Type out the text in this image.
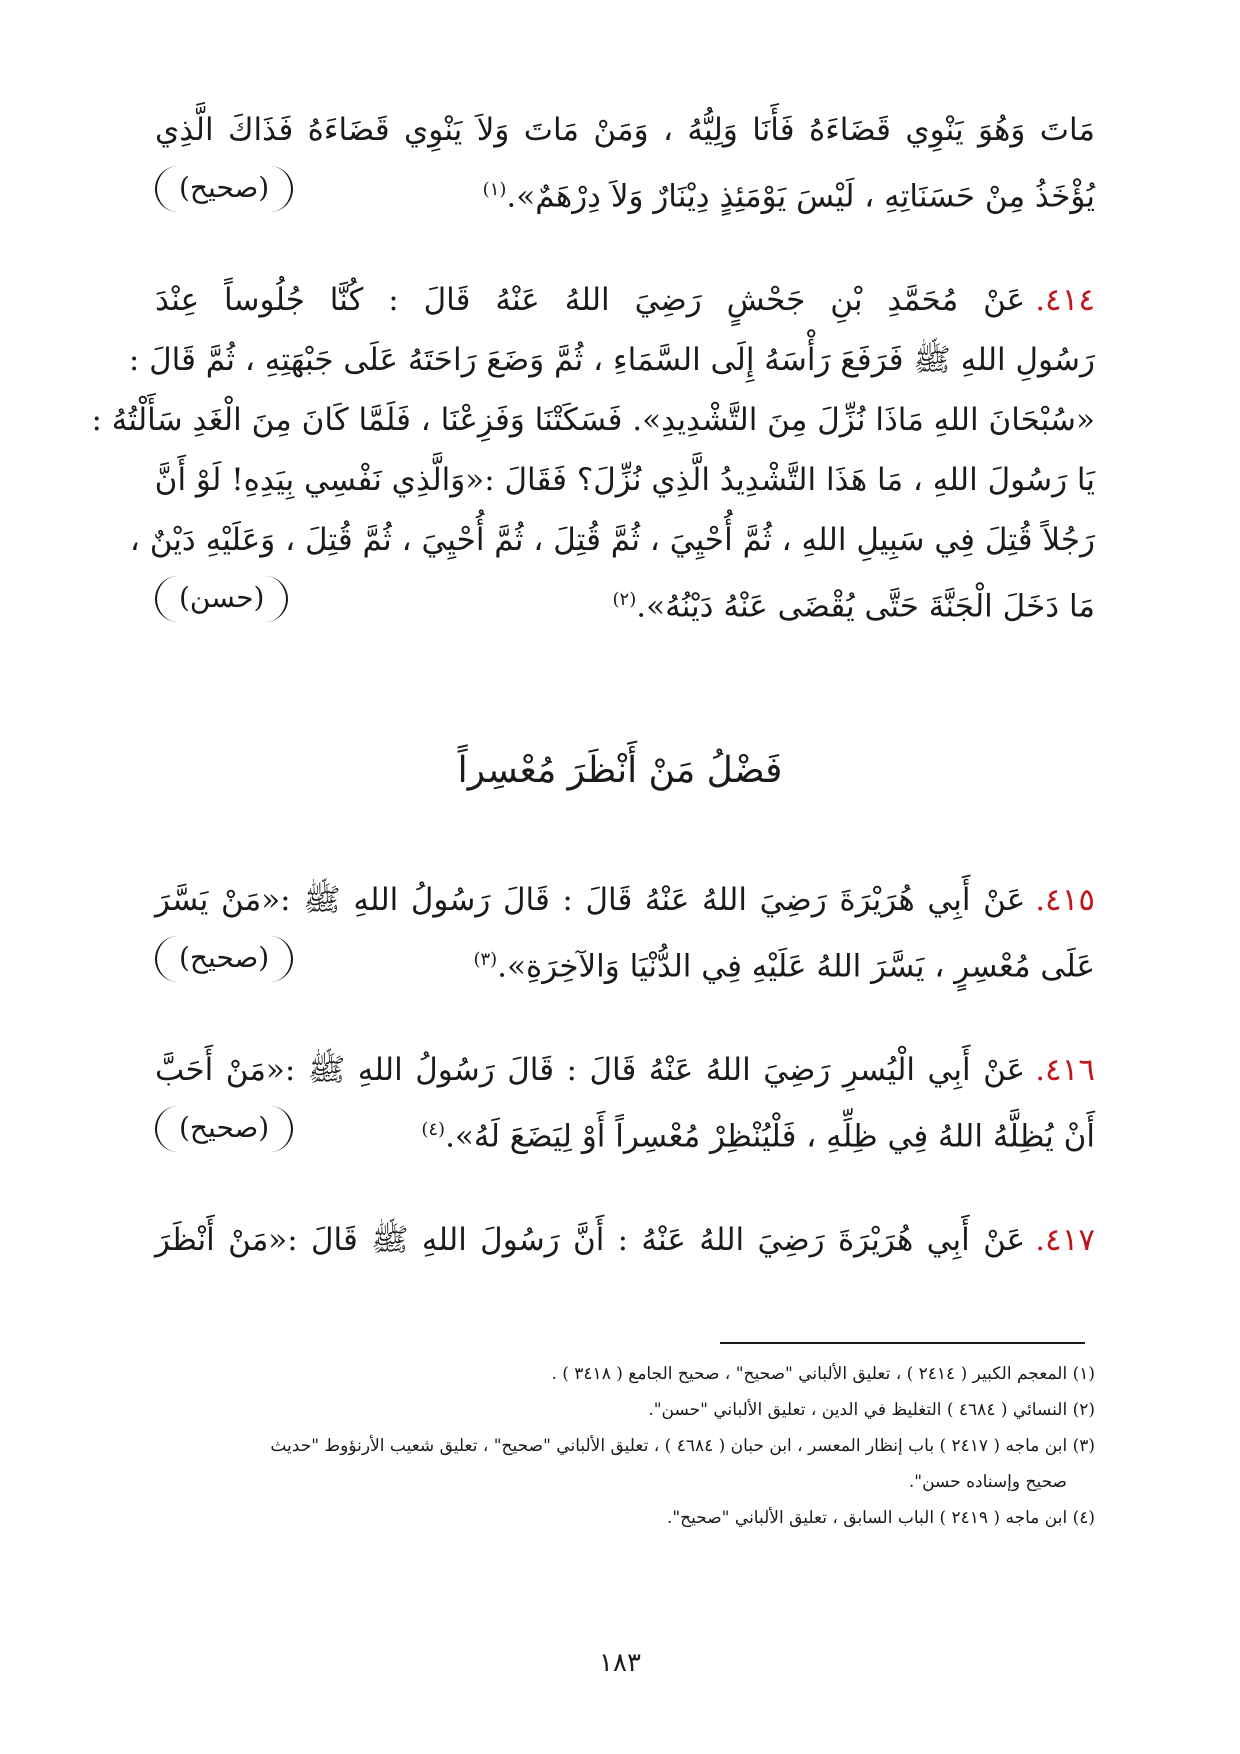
مَاتَ وَهُوَ يَنْوِي قَضَاءَهُ فَأَنَا وَلِيُّهُ ، وَمَنْ مَاتَ وَلاَ يَنْوِي قَضَاءَهُ فَذَاكَ الَّذِي
يُؤْخَذُ مِنْ حَسَنَاتِهِ ، لَيْسَ يَوْمَئِذٍ دِيْنَارٌ وَلاَ دِرْهَمٌ».$^{(١)}$
(صحيح)
٤١٤.عَنْ مُحَمَّدِ بْنِ جَحْشٍ رَضِيَ اللهُ عَنْهُ قَالَ : كُنَّا جُلُوساً عِنْدَ
رَسُولِ اللهِ ﷺ فَرَفَعَ رَأْسَهُ إِلَى السَّمَاءِ ، ثُمَّ وَضَعَ رَاحَتَهُ عَلَى جَبْهَتِهِ ، ثُمَّ قَالَ :
«سُبْحَانَ اللهِ مَاذَا نُزِّلَ مِنَ التَّشْدِيدِ». فَسَكَتْنَا وَفَزِعْنَا ، فَلَمَّا كَانَ مِنَ الْغَدِ سَأَلْتُهُ :
يَا رَسُولَ اللهِ ، مَا هَذَا التَّشْدِيدُ الَّذِي نُزِّلَ؟ فَقَالَ :«وَالَّذِي نَفْسِي بِيَدِهِ! لَوْ أَنَّ
رَجُلاً قُتِلَ فِي سَبِيلِ اللهِ ، ثُمَّ أُحْيِيَ ، ثُمَّ قُتِلَ ، ثُمَّ أُحْيِيَ ، ثُمَّ قُتِلَ ، وَعَلَيْهِ دَيْنٌ ،
مَا دَخَلَ الْجَنَّةَ حَتَّى يُقْضَى عَنْهُ دَيْنُهُ».$^{(٢)}$
(حسن)
فَضْلُ مَنْ أَنْظَرَ مُعْسِراً
٤١٥.عَنْ أَبِي هُرَيْرَةَ رَضِيَ اللهُ عَنْهُ قَالَ : قَالَ رَسُولُ اللهِ ﷺ :«مَنْ يَسَّرَ
عَلَى مُعْسِرٍ ، يَسَّرَ اللهُ عَلَيْهِ فِي الدُّنْيَا وَالآخِرَةِ».$^{(٣)}$
(صحيح)
٤١٦.عَنْ أَبِي الْيُسرِ رَضِيَ اللهُ عَنْهُ قَالَ : قَالَ رَسُولُ اللهِ ﷺ :«مَنْ أَحَبَّ
أَنْ يُظِلَّهُ اللهُ فِي ظِلِّهِ ، فَلْيُنْظِرْ مُعْسِراً أَوْ لِيَضَعَ لَهُ».$^{(٤)}$
(صحيح)
٤١٧.عَنْ أَبِي هُرَيْرَةَ رَضِيَ اللهُ عَنْهُ : أَنَّ رَسُولَ اللهِ ﷺ قَالَ :«مَنْ أَنْظَرَ
(١) المعجم الكبير ( ٢٤١٤ ) ، تعليق الألباني "صحيح" ، صحيح الجامع ( ٣٤١٨ ) .
(٢) النسائي ( ٤٦٨٤ ) التغليظ في الدين ، تعليق الألباني "حسن".
(٣) ابن ماجه ( ٢٤١٧ ) باب إنظار المعسر ، ابن حبان ( ٤٦٨٤ ) ، تعليق الألباني "صحيح" ، تعليق شعيب الأرنؤوط "حديث
صحيح وإسناده حسن".
(٤) ابن ماجه ( ٢٤١٩ ) الباب السابق ، تعليق الألباني "صحيح".
١٨٣
